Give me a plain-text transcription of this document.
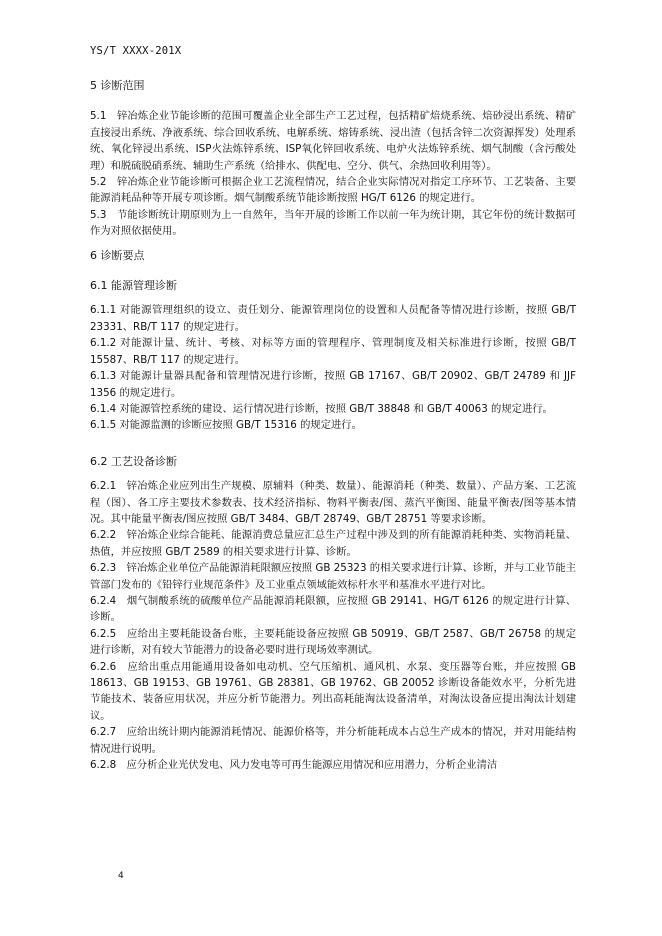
YS/T XXXX-201X

5 诊断范围

5.1　锌冶炼企业节能诊断的范围可覆盖企业全部生产工艺过程，包括精矿焙烧系统、焙砂浸出系统、精矿直接浸出系统、净液系统、综合回收系统、电解系统、熔铸系统、浸出渣（包括含锌二次资源挥发）处理系统、氧化锌浸出系统、ISP火法炼锌系统、ISP氧化锌回收系统、电炉火法炼锌系统、烟气制酸（含污酸处理）和脱硫脱硝系统、辅助生产系统（给排水、供配电、空分、供气、余热回收利用等）。

5.2　锌冶炼企业节能诊断可根据企业工艺流程情况，结合企业实际情况对指定工序环节、工艺装备、主要能源消耗品种等开展专项诊断。烟气制酸系统节能诊断按照 HG/T 6126 的规定进行。

5.3　节能诊断统计期原则为上一自然年，当年开展的诊断工作以前一年为统计期，其它年份的统计数据可作为对照依据使用。

6 诊断要点

6.1 能源管理诊断

6.1.1 对能源管理组织的设立、责任划分、能源管理岗位的设置和人员配备等情况进行诊断，按照 GB/T 23331、RB/T 117 的规定进行。

6.1.2 对能源计量、统计、考核、对标等方面的管理程序、管理制度及相关标准进行诊断，按照 GB/T 15587、RB/T 117 的规定进行。

6.1.3 对能源计量器具配备和管理情况进行诊断，按照 GB 17167、GB/T 20902、GB/T 24789 和 JJF 1356 的规定进行。

6.1.4 对能源管控系统的建设、运行情况进行诊断，按照 GB/T 38848 和 GB/T 40063 的规定进行。

6.1.5 对能源监测的诊断应按照 GB/T 15316 的规定进行。

6.2 工艺设备诊断

6.2.1　锌冶炼企业应列出生产规模、原辅料（种类、数量）、能源消耗（种类、数量）、产品方案、工艺流程（图）、各工序主要技术参数表、技术经济指标、物料平衡表/图、蒸汽平衡图、能量平衡表/图等基本情况。其中能量平衡表/图应按照 GB/T 3484、GB/T 28749、GB/T 28751 等要求诊断。

6.2.2　锌冶炼企业综合能耗、能源消费总量应汇总生产过程中涉及到的所有能源消耗种类、实物消耗量、热值，并应按照 GB/T 2589 的相关要求进行计算、诊断。

6.2.3　锌冶炼企业单位产品能源消耗限额应按照 GB 25323 的相关要求进行计算、诊断，并与工业节能主管部门发布的《铅锌行业规范条件》及工业重点领域能效标杆水平和基准水平进行对比。

6.2.4　烟气制酸系统的硫酸单位产品能源消耗限额，应按照 GB 29141、HG/T 6126 的规定进行计算、诊断。

6.2.5　应给出主要耗能设备台账，主要耗能设备应按照 GB 50919、GB/T 2587、GB/T 26758 的规定进行诊断，对有较大节能潜力的设备必要时进行现场效率测试。

6.2.6　应给出重点用能通用设备如电动机、空气压缩机、通风机、水泵、变压器等台账，并应按照 GB 18613、GB 19153、GB 19761、GB 28381、GB 19762、GB 20052 诊断设备能效水平，分析先进节能技术、装备应用状况，并应分析节能潜力。列出高耗能淘汰设备清单，对淘汰设备应提出淘汰计划建议。

6.2.7　应给出统计期内能源消耗情况、能源价格等，并分析能耗成本占总生产成本的情况，并对用能结构情况进行说明。

6.2.8　应分析企业光伏发电、风力发电等可再生能源应用情况和应用潜力，分析企业清洁

4
